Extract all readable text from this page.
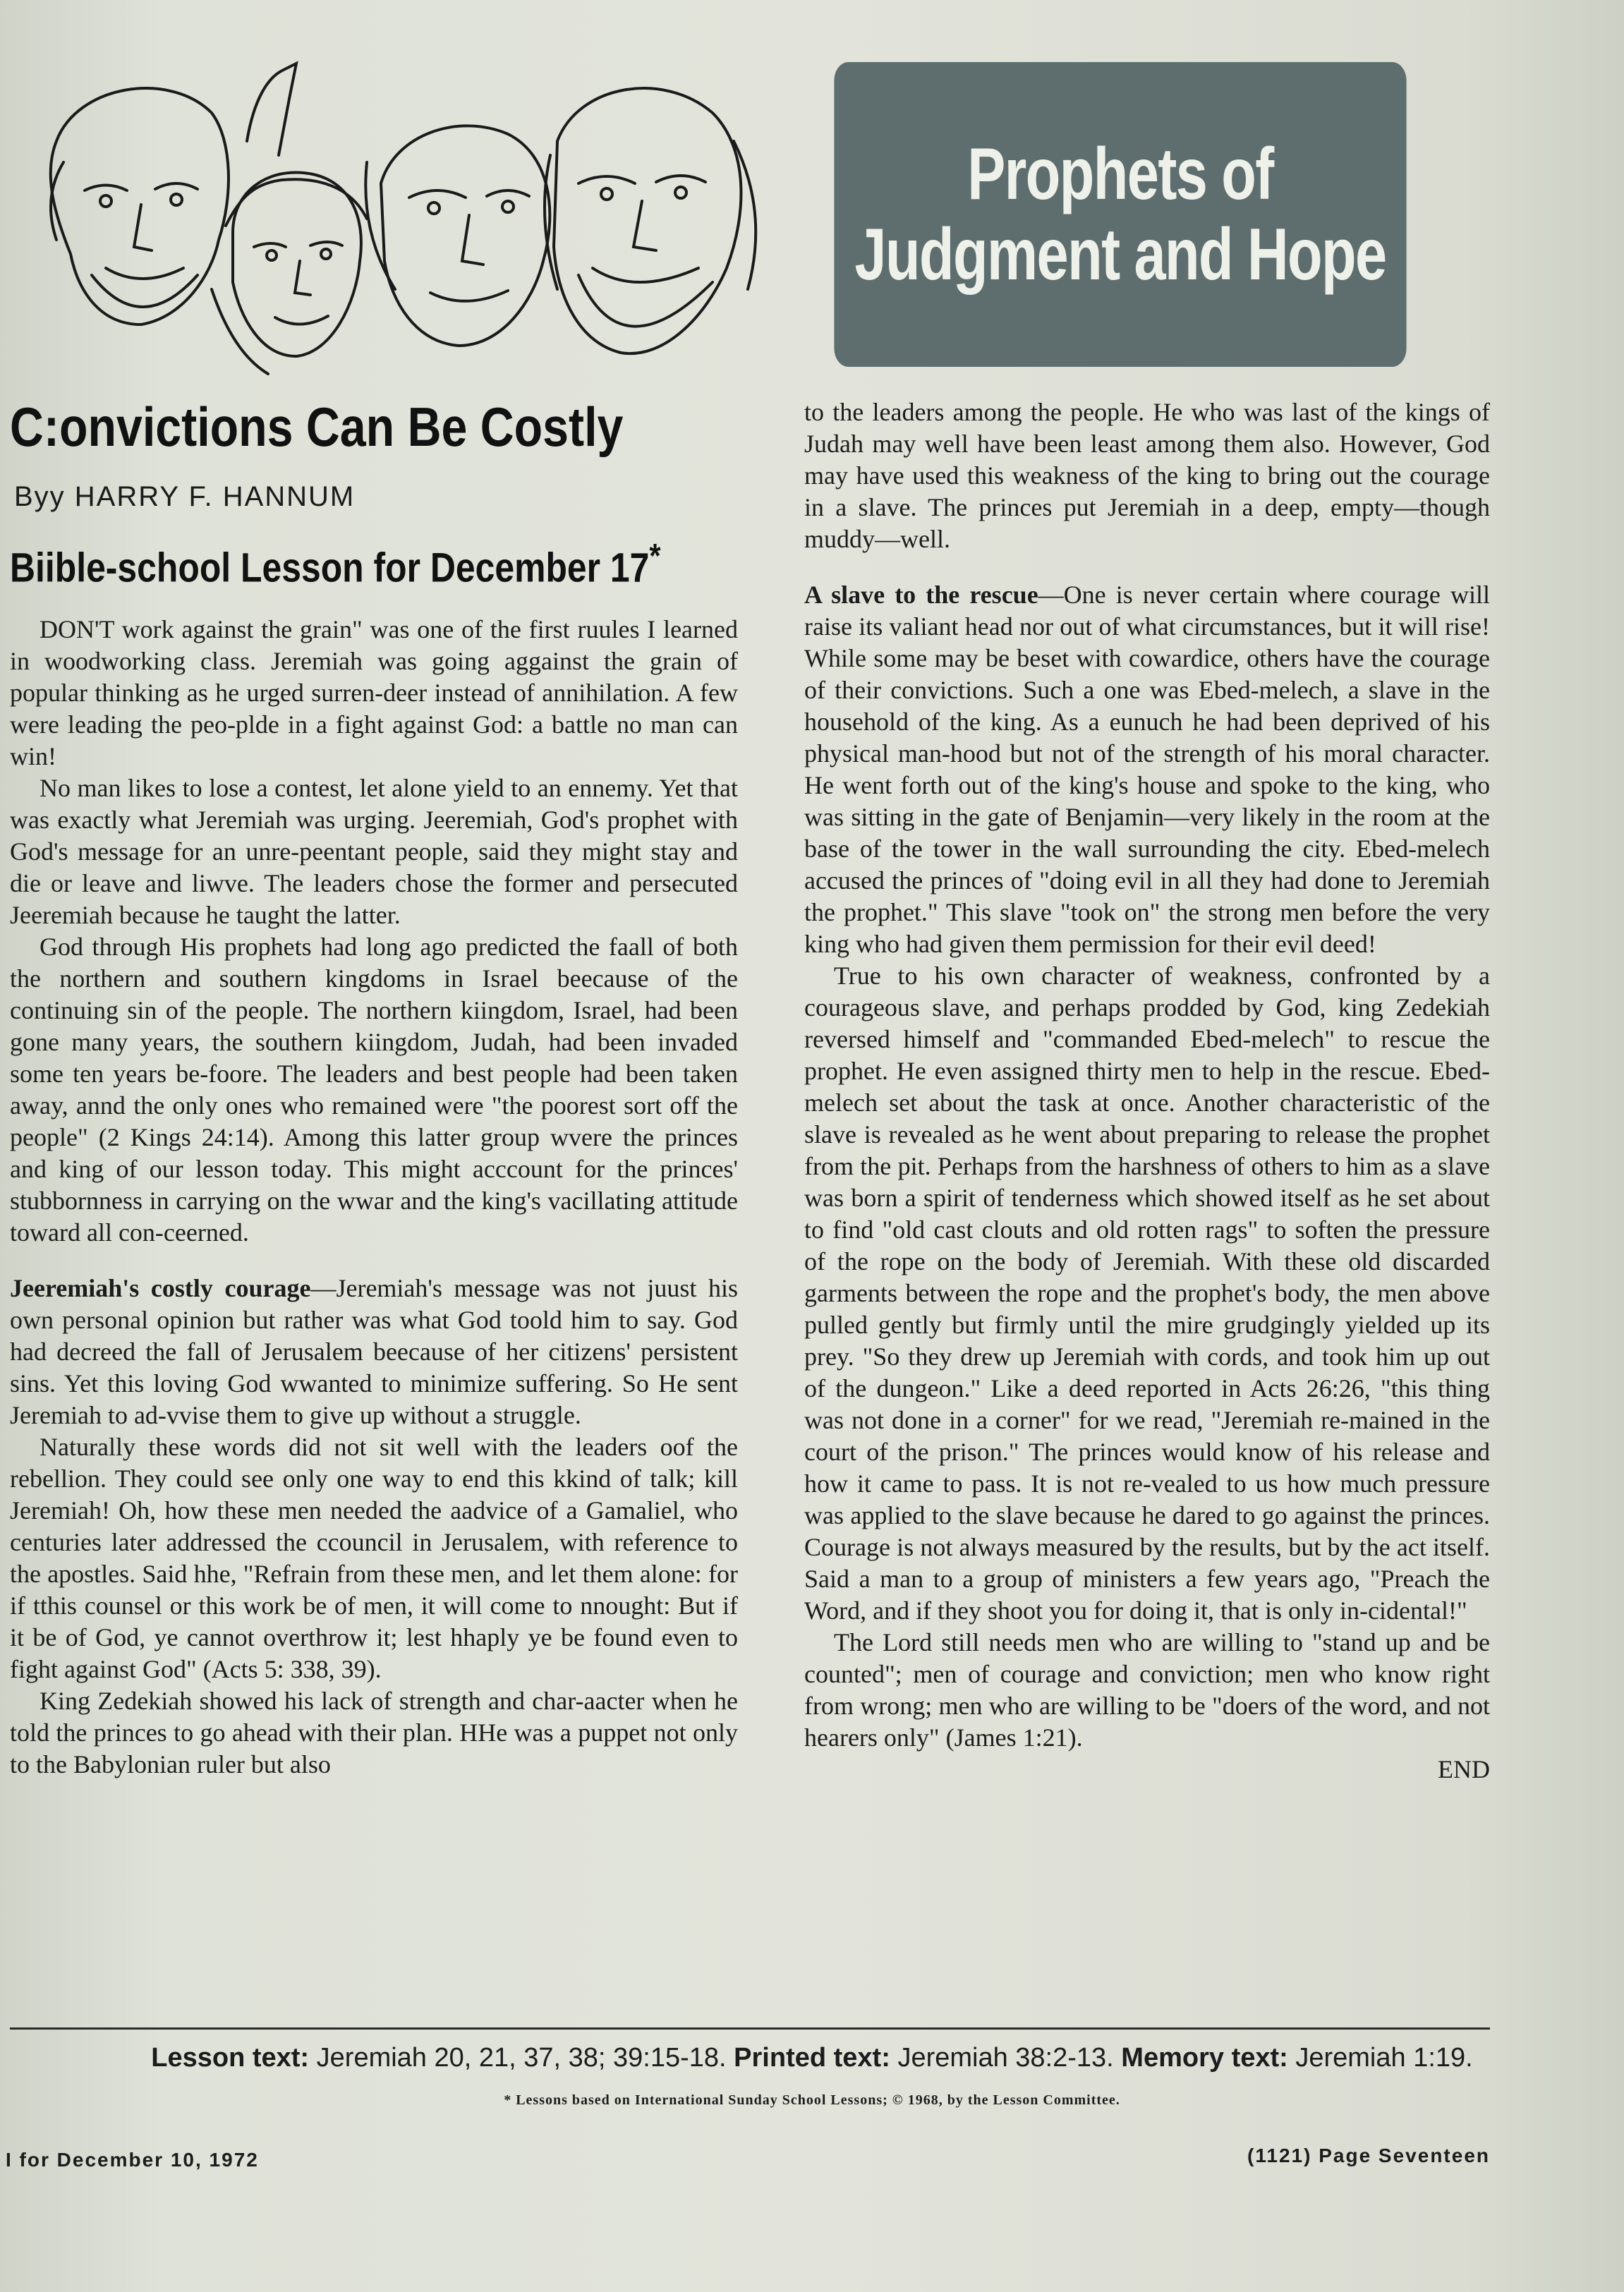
Prophets of
Judgment and Hope
C:onvictions Can Be Costly
Byy HARRY F. HANNUM
Biible-school Lesson for December 17*

DON'T work against the grain" was one of the first ruules I learned in woodworking class. Jeremiah was going aggainst the grain of popular thinking as he urged surren-deer instead of annihilation. A few were leading the peo-plde in a fight against God: a battle no man can win!

No man likes to lose a contest, let alone yield to an ennemy. Yet that was exactly what Jeremiah was urging. Jeeremiah, God's prophet with God's message for an unre-peentant people, said they might stay and die or leave and liwve. The leaders chose the former and persecuted Jeeremiah because he taught the latter.

God through His prophets had long ago predicted the faall of both the northern and southern kingdoms in Israel beecause of the continuing sin of the people. The northern kiingdom, Israel, had been gone many years, the southern kiingdom, Judah, had been invaded some ten years be-foore. The leaders and best people had been taken away, annd the only ones who remained were "the poorest sort off the people" (2 Kings 24:14). Among this latter group wvere the princes and king of our lesson today. This might acccount for the princes' stubbornness in carrying on the wwar and the king's vacillating attitude toward all con-ceerned.

Jeeremiah's costly courage—Jeremiah's message was not juust his own personal opinion but rather was what God toold him to say. God had decreed the fall of Jerusalem beecause of her citizens' persistent sins. Yet this loving God wwanted to minimize suffering. So He sent Jeremiah to ad-vvise them to give up without a struggle.

Naturally these words did not sit well with the leaders oof the rebellion. They could see only one way to end this kkind of talk; kill Jeremiah! Oh, how these men needed the aadvice of a Gamaliel, who centuries later addressed the ccouncil in Jerusalem, with reference to the apostles. Said hhe, "Refrain from these men, and let them alone: for if tthis counsel or this work be of men, it will come to nnought: But if it be of God, ye cannot overthrow it; lest hhaply ye be found even to fight against God" (Acts 5: 338, 39).

King Zedekiah showed his lack of strength and char-aacter when he told the princes to go ahead with their plan. HHe was a puppet not only to the Babylonian ruler but also

to the leaders among the people. He who was last of the kings of Judah may well have been least among them also. However, God may have used this weakness of the king to bring out the courage in a slave. The princes put Jeremiah in a deep, empty—though muddy—well.

A slave to the rescue—One is never certain where courage will raise its valiant head nor out of what circumstances, but it will rise! While some may be beset with cowardice, others have the courage of their convictions. Such a one was Ebed-melech, a slave in the household of the king. As a eunuch he had been deprived of his physical man-hood but not of the strength of his moral character. He went forth out of the king's house and spoke to the king, who was sitting in the gate of Benjamin—very likely in the room at the base of the tower in the wall surrounding the city. Ebed-melech accused the princes of "doing evil in all they had done to Jeremiah the prophet." This slave "took on" the strong men before the very king who had given them permission for their evil deed!

True to his own character of weakness, confronted by a courageous slave, and perhaps prodded by God, king Zedekiah reversed himself and "commanded Ebed-melech" to rescue the prophet. He even assigned thirty men to help in the rescue. Ebed-melech set about the task at once. Another characteristic of the slave is revealed as he went about preparing to release the prophet from the pit. Perhaps from the harshness of others to him as a slave was born a spirit of tenderness which showed itself as he set about to find "old cast clouts and old rotten rags" to soften the pressure of the rope on the body of Jeremiah. With these old discarded garments between the rope and the prophet's body, the men above pulled gently but firmly until the mire grudgingly yielded up its prey. "So they drew up Jeremiah with cords, and took him up out of the dungeon." Like a deed reported in Acts 26:26, "this thing was not done in a corner" for we read, "Jeremiah re-mained in the court of the prison." The princes would know of his release and how it came to pass. It is not re-vealed to us how much pressure was applied to the slave because he dared to go against the princes. Courage is not always measured by the results, but by the act itself. Said a man to a group of ministers a few years ago, "Preach the Word, and if they shoot you for doing it, that is only in-cidental!"

The Lord still needs men who are willing to "stand up and be counted"; men of courage and conviction; men who know right from wrong; men who are willing to be "doers of the word, and not hearers only" (James 1:21).

END
Lesson text: Jeremiah 20, 21, 37, 38; 39:15-18. Printed text: Jeremiah 38:2-13. Memory text: Jeremiah 1:19.
* Lessons based on International Sunday School Lessons; © 1968, by the Lesson Committee.
I for December 10, 1972	(1121) Page Seventeen
